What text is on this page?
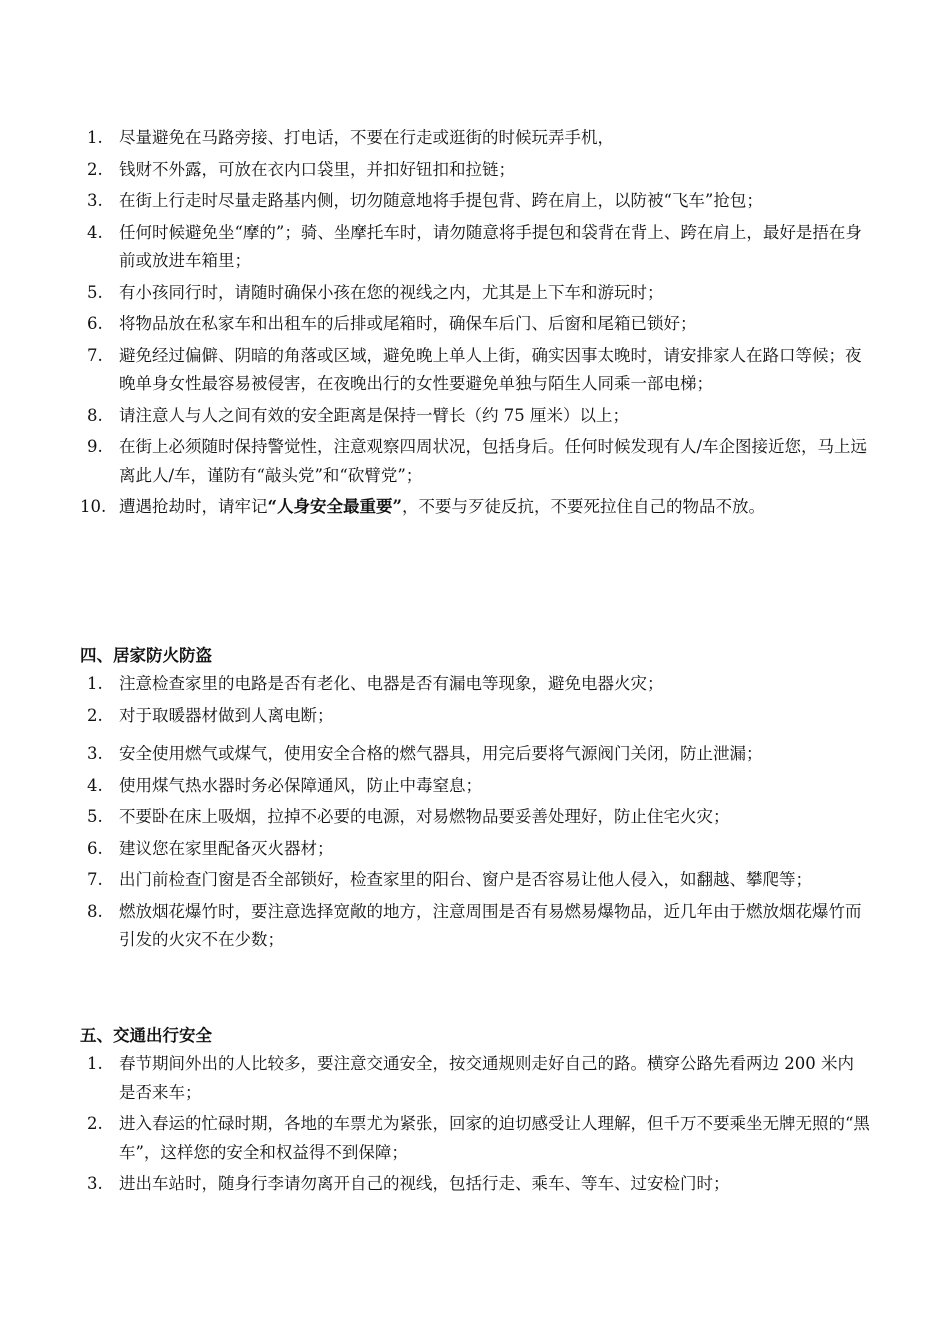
1. 尽量避免在马路旁接、打电话，不要在行走或逛街的时候玩弄手机，
2. 钱财不外露，可放在衣内口袋里，并扣好钮扣和拉链；
3. 在街上行走时尽量走路基内侧，切勿随意地将手提包背、跨在肩上，以防被“飞车”抢包；
4. 任何时候避免坐“摩的”；骑、坐摩托车时，请勿随意将手提包和袋背在背上、跨在肩上，最好是捂在身前或放进车箱里；
5. 有小孩同行时，请随时确保小孩在您的视线之内，尤其是上下车和游玩时；
6. 将物品放在私家车和出租车的后排或尾箱时，确保车后门、后窗和尾箱已锁好；
7. 避免经过偏僻、阴暗的角落或区域，避免晚上单人上街，确实因事太晚时，请安排家人在路口等候；夜晚单身女性最容易被侵害，在夜晚出行的女性要避免单独与陌生人同乘一部电梯；
8. 请注意人与人之间有效的安全距离是保持一臂长（约 75 厘米）以上；
9. 在街上必须随时保持警觉性，注意观察四周状况，包括身后。任何时候发现有人/车企图接近您，马上远离此人/车，谨防有“敲头党”和“砍臂党”；
10. 遭遇抢劫时，请牢记“人身安全最重要”，不要与歹徒反抗，不要死拉住自己的物品不放。
四、居家防火防盗
1. 注意检查家里的电路是否有老化、电器是否有漏电等现象，避免电器火灾；
2. 对于取暖器材做到人离电断；
3. 安全使用燃气或煤气，使用安全合格的燃气器具，用完后要将气源阀门关闭，防止泄漏；
4. 使用煤气热水器时务必保障通风，防止中毒窒息；
5. 不要卧在床上吸烟，拉掉不必要的电源，对易燃物品要妥善处理好，防止住宅火灾；
6. 建议您在家里配备灭火器材；
7. 出门前检查门窗是否全部锁好，检查家里的阳台、窗户是否容易让他人侵入，如翻越、攀爬等；
8. 燃放烟花爆竹时，要注意选择宽敞的地方，注意周围是否有易燃易爆物品，近几年由于燃放烟花爆竹而引发的火灾不在少数；
五、交通出行安全
1. 春节期间外出的人比较多，要注意交通安全，按交通规则走好自己的路。横穿公路先看两边 200 米内是否来车；
2. 进入春运的忙碌时期，各地的车票尤为紧张，回家的迫切感受让人理解，但千万不要乘坐无牌无照的“黑车”，这样您的安全和权益得不到保障；
3. 进出车站时，随身行李请勿离开自己的视线，包括行走、乘车、等车、过安检门时；
